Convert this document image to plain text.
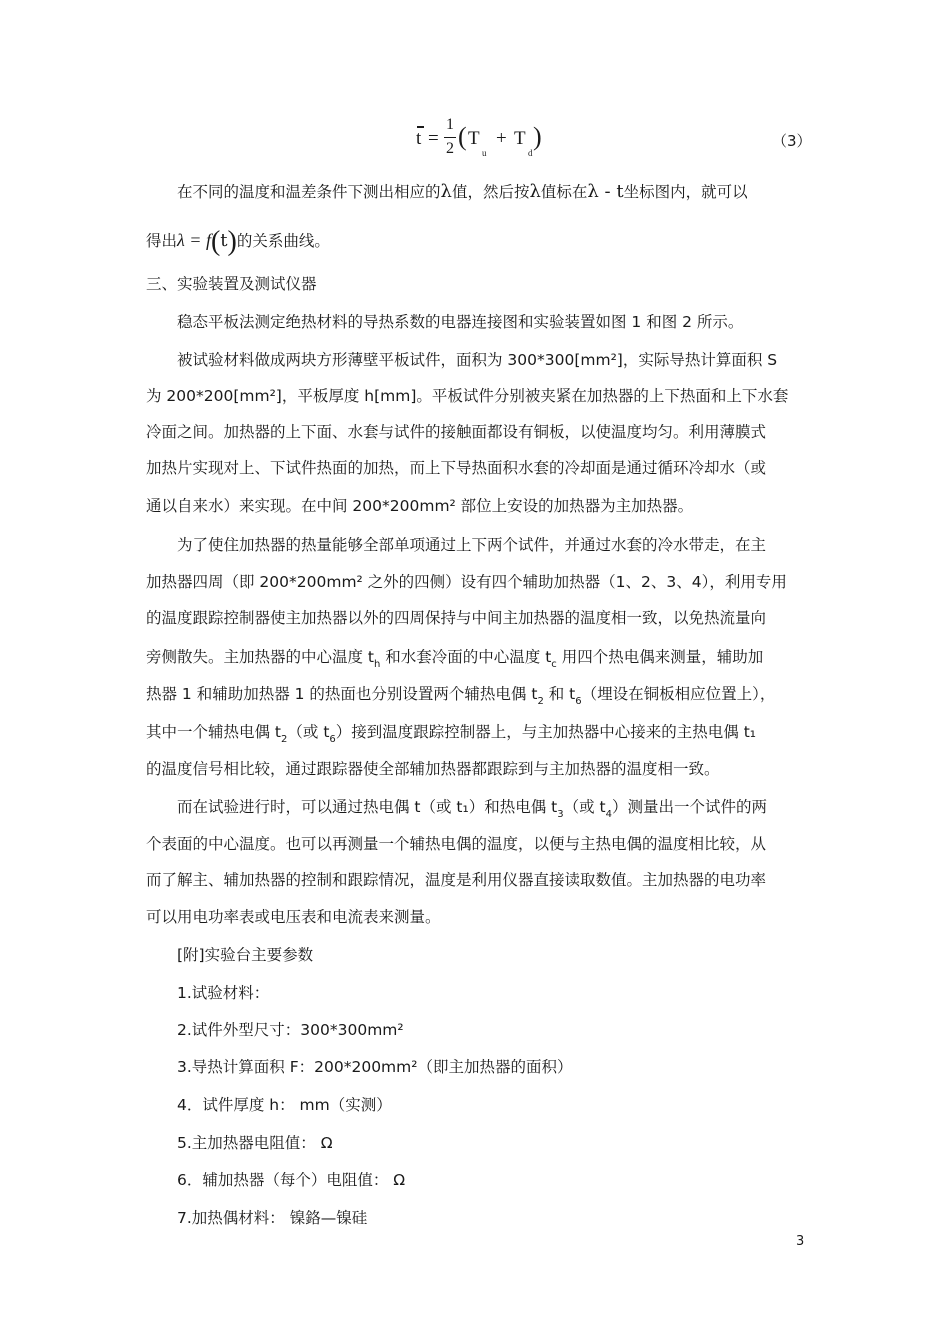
t =
1
2 ( T
u
+ T
d
)	（3）
在不同的温度和温差条件下测出相应的λ值，然后按λ值标在λ - t坐标图内，就可以
得出λ = f(t)的关系曲线。
三、实验装置及测试仪器
稳态平板法测定绝热材料的导热系数的电器连接图和实验装置如图 1 和图 2 所示。
被试验材料做成两块方形薄壁平板试件，面积为 300*300[mm²]，实际导热计算面积 S
为 200*200[mm²]，平板厚度 h[mm]。平板试件分别被夹紧在加热器的上下热面和上下水套
冷面之间。加热器的上下面、水套与试件的接触面都设有铜板，以使温度均匀。利用薄膜式
加热片实现对上、下试件热面的加热，而上下导热面积水套的冷却面是通过循环冷却水（或
通以自来水）来实现。在中间 200*200mm² 部位上安设的加热器为主加热器。
为了使住加热器的热量能够全部单项通过上下两个试件，并通过水套的冷水带走，在主
加热器四周（即 200*200mm² 之外的四侧）设有四个辅助加热器（1、2、3、4），利用专用
的温度跟踪控制器使主加热器以外的四周保持与中间主加热器的温度相一致，以免热流量向
旁侧散失。主加热器的中心温度 $t_h$ 和水套冷面的中心温度 $t_c$ 用四个热电偶来测量，辅助加
热器 1 和辅助加热器 1 的热面也分别设置两个辅热电偶 $t_2$ 和 $t_6$（埋设在铜板相应位置上），
其中一个辅热电偶 $t_2$（或 $t_6$）接到温度跟踪控制器上，与主加热器中心接来的主热电偶 t₁
的温度信号相比较，通过跟踪器使全部辅加热器都跟踪到与主加热器的温度相一致。
而在试验进行时，可以通过热电偶 t（或 t₁）和热电偶 $t_3$（或 $t_4$）测量出一个试件的两
个表面的中心温度。也可以再测量一个辅热电偶的温度，以便与主热电偶的温度相比较，从
而了解主、辅加热器的控制和跟踪情况，温度是利用仪器直接读取数值。主加热器的电功率
可以用电功率表或电压表和电流表来测量。
[附]实验台主要参数
1.试验材料：
2.试件外型尺寸：300*300mm²
3.导热计算面积 F：200*200mm²（即主加热器的面积）
4．试件厚度 h： mm（实测）
5.主加热器电阻值： Ω
6．辅加热器（每个）电阻值： Ω
7.加热偶材料： 镍鉻—镍硅
3
